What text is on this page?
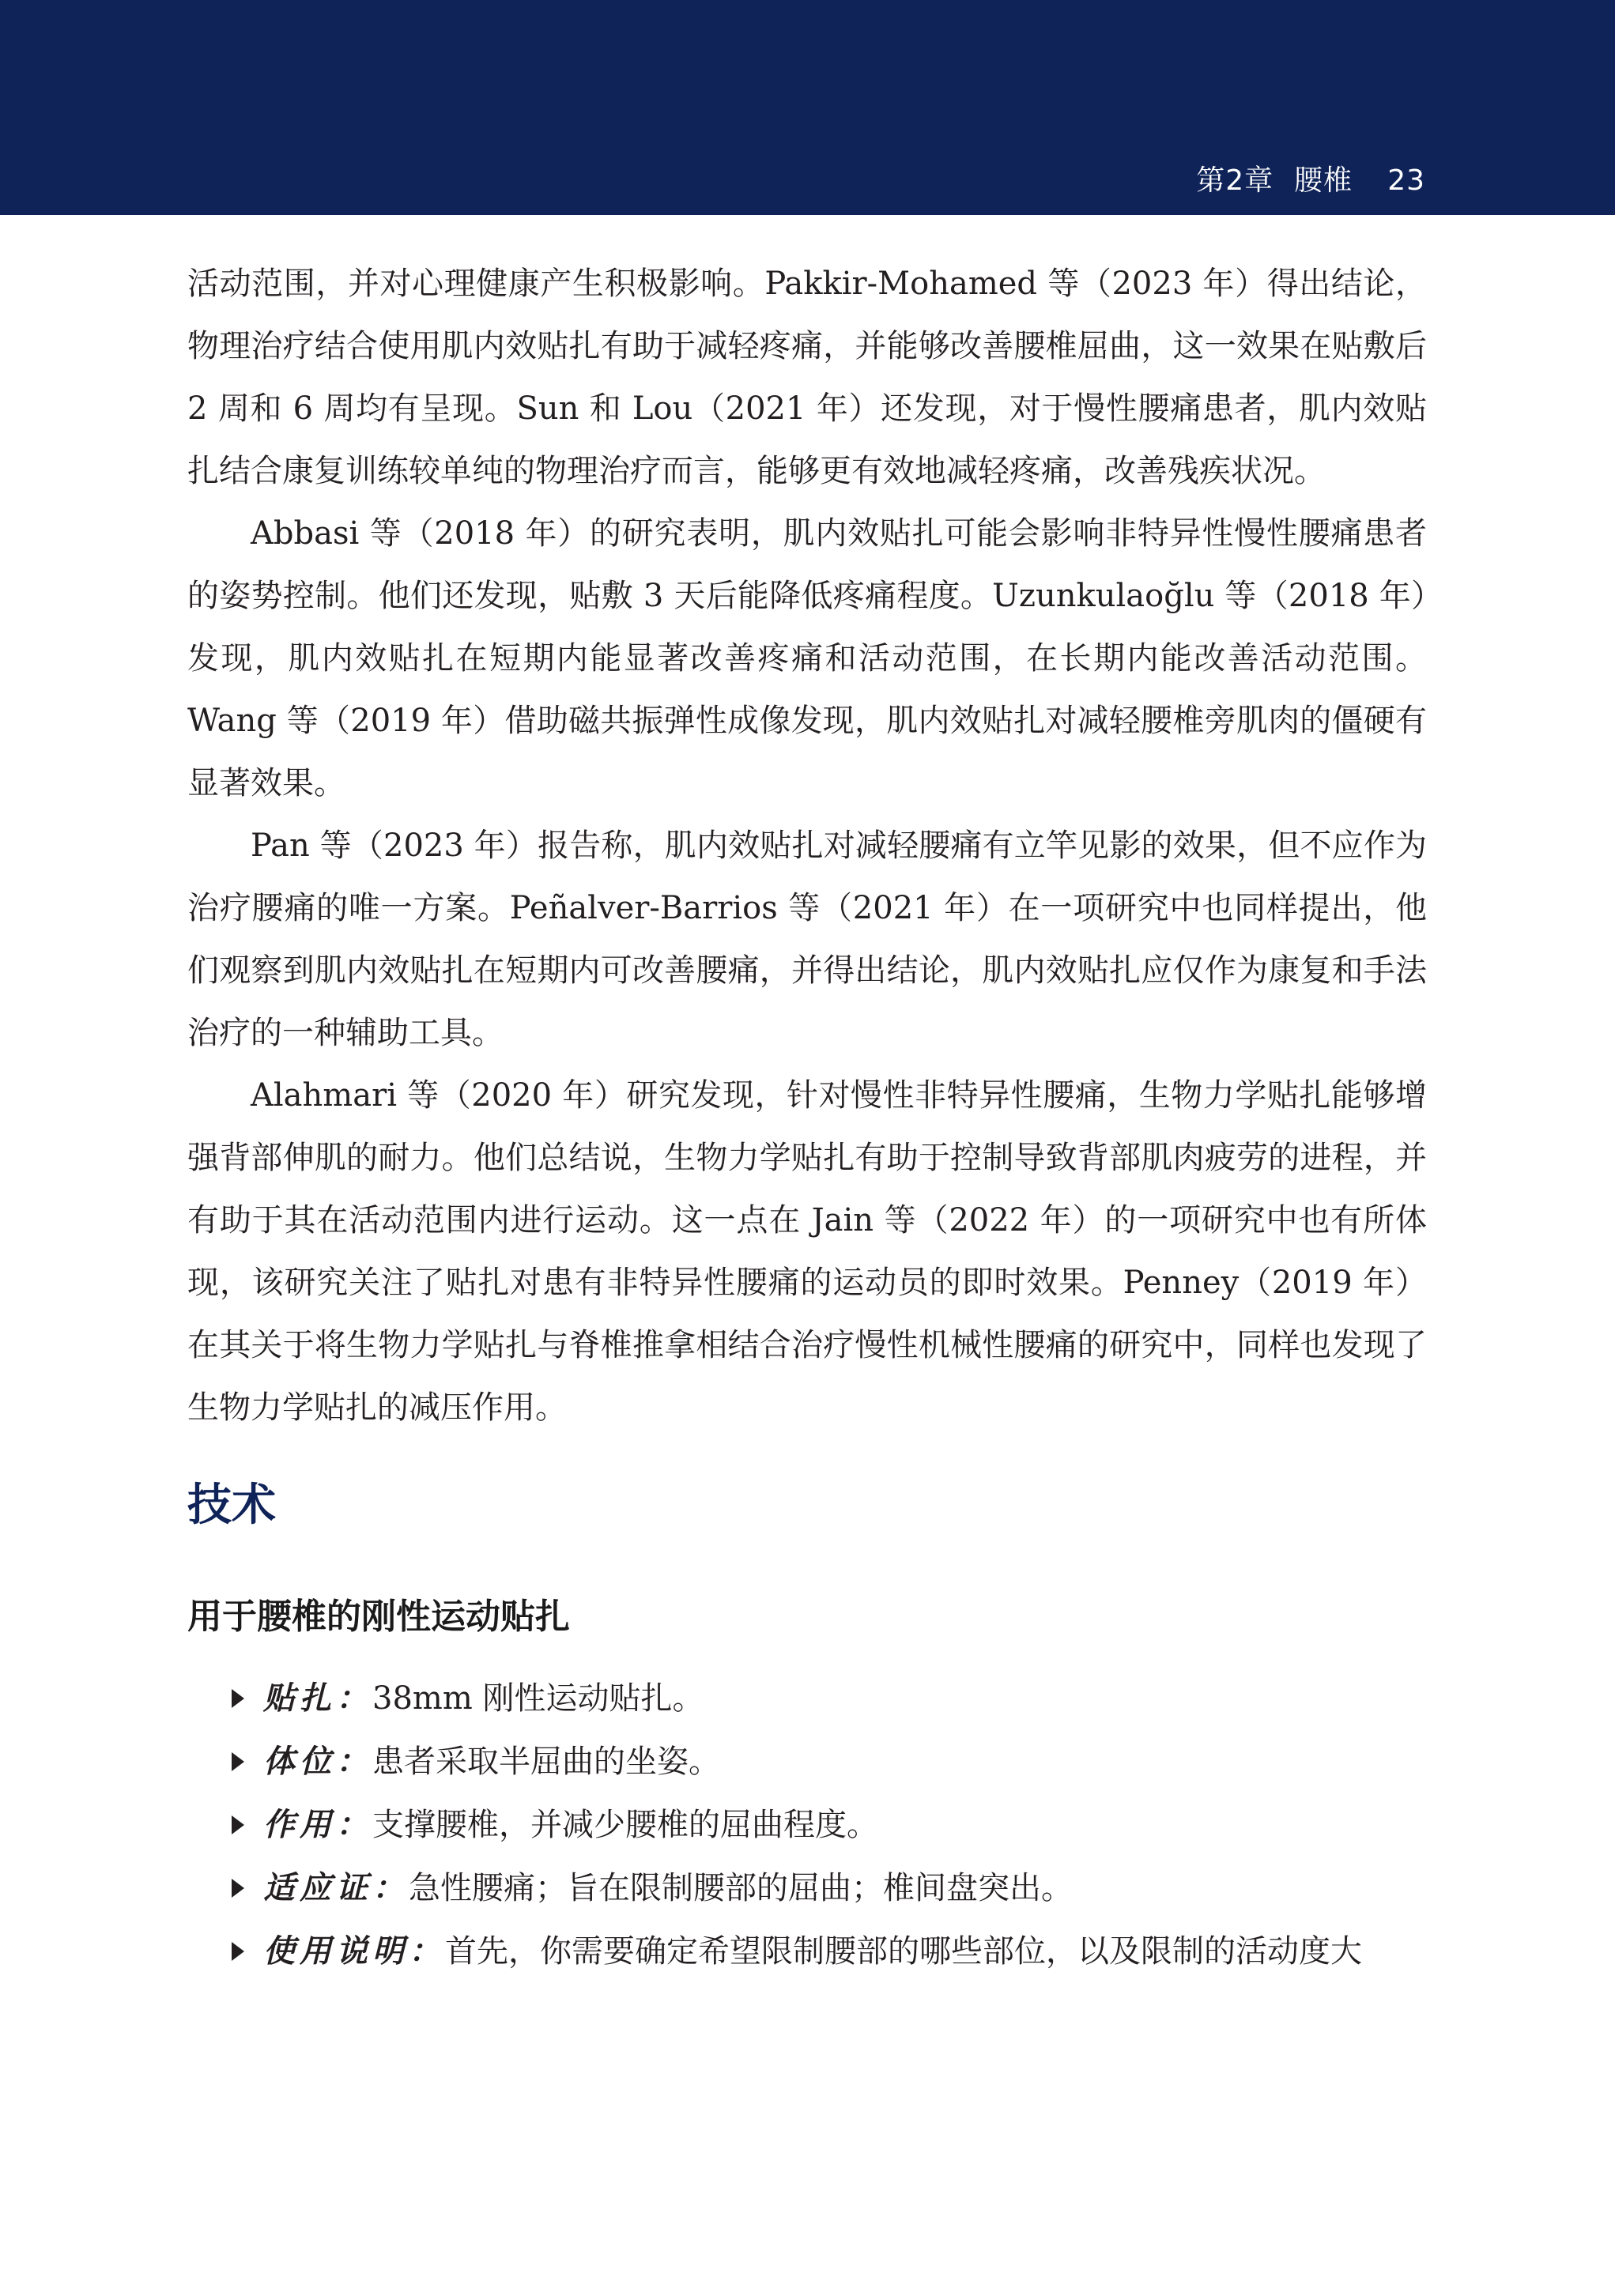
第2章 腰椎 23

活动范围，并对心理健康产生积极影响。Pakkir-Mohamed 等（2023 年）得出结论，物理治疗结合使用肌内效贴扎有助于减轻疼痛，并能够改善腰椎屈曲，这一效果在贴敷后 2 周和 6 周均有呈现。Sun 和 Lou（2021 年）还发现，对于慢性腰痛患者，肌内效贴扎结合康复训练较单纯的物理治疗而言，能够更有效地减轻疼痛，改善残疾状况。

Abbasi 等（2018 年）的研究表明，肌内效贴扎可能会影响非特异性慢性腰痛患者的姿势控制。他们还发现，贴敷 3 天后能降低疼痛程度。Uzunkulaoğlu 等（2018 年）发现，肌内效贴扎在短期内能显著改善疼痛和活动范围，在长期内能改善活动范围。Wang 等（2019 年）借助磁共振弹性成像发现，肌内效贴扎对减轻腰椎旁肌肉的僵硬有显著效果。

Pan 等（2023 年）报告称，肌内效贴扎对减轻腰痛有立竿见影的效果，但不应作为治疗腰痛的唯一方案。Peñalver-Barrios 等（2021 年）在一项研究中也同样提出，他们观察到肌内效贴扎在短期内可改善腰痛，并得出结论，肌内效贴扎应仅作为康复和手法治疗的一种辅助工具。

Alahmari 等（2020 年）研究发现，针对慢性非特异性腰痛，生物力学贴扎能够增强背部伸肌的耐力。他们总结说，生物力学贴扎有助于控制导致背部肌肉疲劳的进程，并有助于其在活动范围内进行运动。这一点在 Jain 等（2022 年）的一项研究中也有所体现，该研究关注了贴扎对患有非特异性腰痛的运动员的即时效果。Penney（2019 年）在其关于将生物力学贴扎与脊椎推拿相结合治疗慢性机械性腰痛的研究中，同样也发现了生物力学贴扎的减压作用。

技术
用于腰椎的刚性运动贴扎
贴扎：38mm 刚性运动贴扎。
体位：患者采取半屈曲的坐姿。
作用：支撑腰椎，并减少腰椎的屈曲程度。
适应证：急性腰痛；旨在限制腰部的屈曲；椎间盘突出。
使用说明：首先，你需要确定希望限制腰部的哪些部位，以及限制的活动度大
